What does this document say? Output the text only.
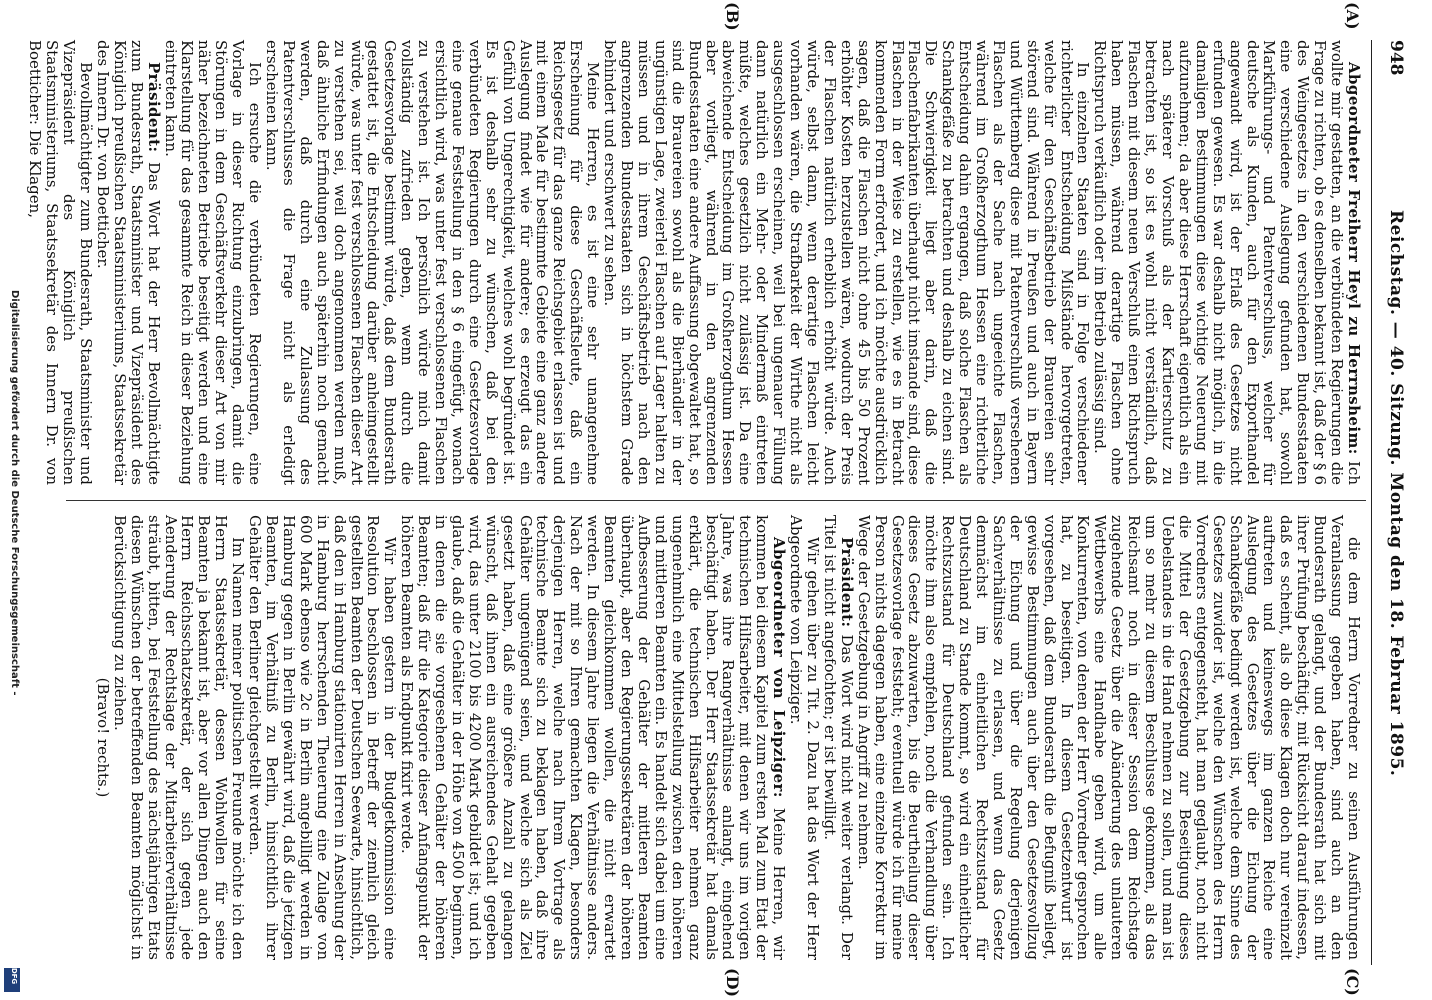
Digitalisierung gefördert durch die Deutsche Forschungsgemeinschaft -
DFG
948
Reichstag. — 40. Sitzung. Montag den 18. Februar 1895.
(A)
(B)
(C)
(D)

Abgeordneter Freiherr Heyl zu Herrnsheim: Ich wollte mir gestatten, an die verbündeten Regierungen die Frage zu richten, ob es denselben bekannt ist, daß der § 6 des Weingesetzes in den verschiedenen Bundesstaaten eine verschiedene Auslegung gefunden hat, sowohl Markführungs- und Patentverschluss, welcher für deutsche als Kunden, auch für den Exporthandel angewandt wird, ist der Erlaß des Gesetzes nicht erfunden gewesen. Es war deshalb nicht möglich, in die damaligen Bestimmungen diese wichtige Neuerung mit aufzunehmen; da aber diese Herrschaft eigentlich als ein nach späterer Vorschuß als der Kartierschutz zu betrachten ist, so ist es wohl nicht verständlich, daß Flaschen mit diesem neuen Verschluß einen Richtspruch haben müssen, während derartige Flaschen ohne Richtspruch verkäuflich oder im Betrieb zulässig sind.

In einzelnen Staaten sind in Folge verschiedener richterlicher Entscheidung Mißstände hervorgetreten, welche für den Geschäftsbetrieb der Brauereien sehr störend sind. Während in Preußen und auch in Bayern und Württemberg diese mit Patentverschluß versehenen Flaschen als der Sache nach ungeeichte Flaschen, während im Großherzogthum Hessen eine richterliche Entscheidung dahin ergangen, daß solche Flaschen als Schankgefäße zu betrachten und deshalb zu eichen sind. Die Schwierigkeit liegt aber darin, daß die Flaschenfabrikanten überhaupt nicht imstande sind, diese Flaschen in der Weise zu erstellen, wie es in Betracht kommenden Form erfordert, und ich möchte ausdrücklich sagen, daß die Flaschen nicht ohne 45 bis 50 Prozent erhöhter Kosten herzustellen wären, wodurch der Preis der Flaschen natürlich erheblich erhöht würde. Auch würde, selbst dann, wenn derartige Flaschen leicht vorhanden wären, die Strafbarkeit der Wirthe nicht als ausgeschlossen erscheinen, weil bei ungenauer Füllung dann natürlich ein Mehr- oder Mindermaß eintreten müßte, welches gesetzlich nicht zulässig ist. Da eine abweichende Entscheidung im Großherzogthum Hessen aber vorliegt, während in den angrenzenden Bundesstaaten eine andere Auffassung obgewaltet hat, so sind die Brauereien sowohl als die Bierhändler in der ungünstigen Lage, zweierlei Flaschen auf Lager halten zu müssen und in ihrem Geschäftsbetrieb nach den angrenzenden Bundesstaaten sich in höchstem Grade behindert und erschwert zu sehen.

Meine Herren, es ist eine sehr unangenehme Erscheinung für diese Geschäftsleute, daß ein Reichsgesetz für das ganze Reichsgebiet erlassen ist und mit einem Male für bestimmte Gebiete eine ganz andere Auslegung findet wie für andere; es erzeugt das ein Gefühl von Ungerechtigkeit, welches wohl begründet ist. Es ist deshalb sehr zu wünschen, daß bei den verbündeten Regierungen durch eine Gesetzesvorlage eine genaue Feststellung in den § 6 eingefügt, wonach ersichtlich wird, was unter fest verschlossenen Flaschen zu verstehen ist. Ich persönlich würde mich damit vollständig zufrieden geben, wenn durch die Gesetzesvorlage bestimmt würde, daß dem Bundesrath gestattet ist, die Entscheidung darüber anheimgestellt würde, was unter fest verschlossenen Flaschen dieser Art zu verstehen sei, weil doch angenommen werden muß, daß ähnliche Erfindungen auch späterhin noch gemacht werden, daß durch eine Zulassung des Patentverschlusses die Frage nicht als erledigt erscheinen kann.

Ich ersuche die verbündeten Regierungen, eine Vorlage in dieser Richtung einzubringen, damit die Störungen in dem Geschäftsverkehr dieser Art von mir näher bezeichneten Betriebe beseitigt werden und eine Klarstellung für das gesammte Reich in dieser Beziehung eintreten kann.

Präsident: Das Wort hat der Herr Bevollmächtigte zum Bundesrath, Staatsminister und Vizepräsident des Königlich preußischen Staatsministeriums, Staatssekretär des Innern Dr. von Boetticher.

Bevollmächtigter zum Bundesrath, Staatsminister und Vizepräsident des Königlich preußischen Staatsministeriums, Staatssekretär des Innern Dr. von Boetticher: Die Klagen,

die dem Herrn Vorredner zu seinen Ausführungen Veranlassung gegeben haben, sind auch an den Bundesrath gelangt, und der Bundesrath hat sich mit ihrer Prüfung beschäftigt; mit Rücksicht darauf indessen, daß es scheint, als ob diese Klagen doch nur vereinzelt auftreten und keineswegs im ganzen Reiche eine Auslegung des Gesetzes über die Eichung der Schankgefäße bedingt werden ist, welche dem Sinne des Gesetzes zuwider ist, welche den Wünschen des Herrn Vorredners entgegensteht, hat man geglaubt, noch nicht die Mittel der Gesetzgebung zur Beseitigung dieses Uebelstandes in die Hand nehmen zu sollen, und man ist um so mehr zu diesem Beschlusse gekommen, als das Reichsamt noch in dieser Session dem Reichstage zugehende Gesetz über die Abänderung des unlauteren Wettbewerbs eine Handhabe geben wird, um alle Konkurrenten, von denen der Herr Vorredner gesprochen hat, zu beseitigen. In diesem Gesetzentwurf ist vorgesehen, daß dem Bundesrath die Befugniß beilegt, gewisse Bestimmungen auch über den Gesetzesvollzug der Eichung und über die Regelung derjenigen Sachverhältnisse zu erlassen, und wenn das Gesetz demnächst im einheitlichen Rechtszustand für Deutschland zu Stande kommt, so wird ein einheitlicher Rechtszustand für Deutschland gefunden sein. Ich möchte ihm also empfehlen, noch die Verhandlung über dieses Gesetz abzuwarten, bis die Beurtheilung dieser Gesetzesvorlage feststeht; eventuell würde ich für meine Person nichts dagegen haben, eine einzelne Korrektur im Wege der Gesetzgebung in Angriff zu nehmen.

Präsident: Das Wort wird nicht weiter verlangt. Der Titel ist nicht angefochten; er ist bewilligt.

Wir gehen über zu Tit. 2. Dazu hat das Wort der Herr Abgeordnete von Leipziger.

Abgeordneter von Leipziger: Meine Herren, wir kommen bei diesem Kapitel zum ersten Mal zum Etat der technischen Hilfsarbeiter, mit denen wir uns im vorigen Jahre, was ihre Rangverhältnisse anlangt, eingehend beschäftigt haben. Der Herr Staatssekretär hat damals erklärt, die technischen Hilfsarbeiter nehmen ganz ungenehmlich eine Mittelstellung zwischen den höheren und mittleren Beamten ein. Es handelt sich dabei um eine Aufbesserung der Gehälter der mittleren Beamten überhaupt, aber den Regierungssekretären der höheren Beamten gleichkommen wollen, die nicht erwartet werden. In diesem Jahre liegen die Verhältnisse anders. Nach der mit so Ihren gemachten Klagen, besonders derjenigen Herren, welche nach Ihrem Vortrage als technische Beamte sich zu beklagen haben, daß ihre Gehälter ungenügend seien, und welche sich als Ziel gesetzt haben, daß eine größere Anzahl zu gelangen wünscht, daß ihnen ein ausreichendes Gehalt gegeben wird, das unter 2100 bis 4200 Mark gebildet ist; und ich glaube, daß die Gehälter in der Höhe von 4500 beginnen, in denen die sie vorgesehenen Gehälter der höheren Beamten; daß für die Kategorie dieser Anfangspunkt der höheren Beamten als Endpunkt fixirt werde.

Wir haben gestern in der Budgetkommission eine Resolution beschlossen in Betreff der ziemlich gleich gestellten Beamten der Deutschen Seewarte, hinsichtlich, daß den in Hamburg stationirten Herren in Ansehung der in Hamburg herrschenden Theuerung eine Zulage von 600 Mark ebenso wie 2c in Berlin angebilligt werden in Hamburg gegen in Berlin gewährt wird, daß die jetzigen Beamten, im Verhältniß zu Berlin, hinsichtlich ihrer Gehälter den Berliner gleichgestellt werden.

Im Namen meiner politischen Freunde möchte ich den Herrn Staatssekretär, dessen Wohlwollen für seine Beamten ja bekannt ist, aber vor allen Dingen auch den Herrn Reichsschatzsekretär, der sich gegen jede Aenderung der Rechtslage der Mitarbeiterverhältnisse sträubt, bitten, bei Feststellung des nächstjährigen Etats diesen Wünschen der betreffenden Beamten möglichst in Berücksichtigung zu ziehen.

(Bravo! rechts.)
